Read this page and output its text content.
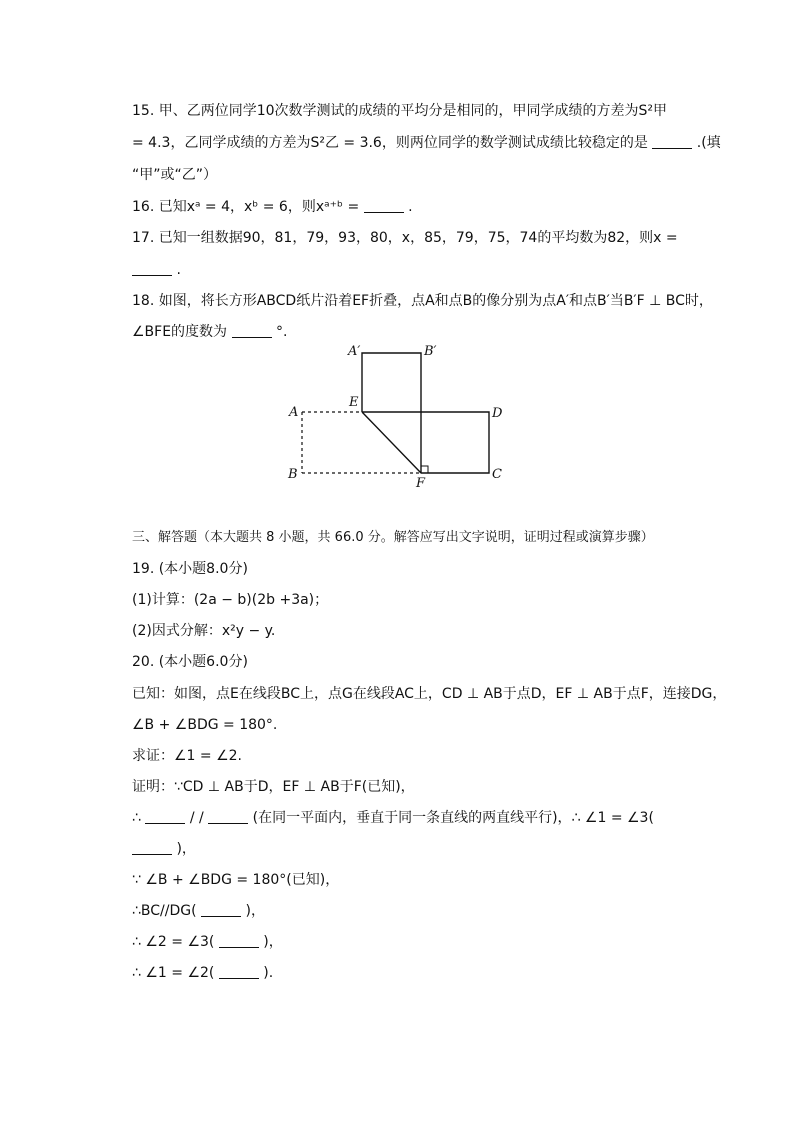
15. 甲、乙两位同学10次数学测试的成绩的平均分是相同的，甲同学成绩的方差为S²甲
= 4.3，乙同学成绩的方差为S²乙 = 3.6，则两位同学的数学测试成绩比较稳定的是	.(填
“甲”或“乙”）
16. 已知xᵃ = 4，xᵇ = 6，则xᵃ⁺ᵇ =	.
17. 已知一组数据90，81，79，93，80，x，85，79，75，74的平均数为82，则x =
.
18. 如图，将长方形ABCD纸片沿着EF折叠，点A和点B的像分别为点A′和点B′当B′F ⊥ BC时，
∠BFE的度数为	°.
A′	B′
A
E
D
B
F
C
三、解答题（本大题共 8 小题，共 66.0 分。解答应写出文字说明，证明过程或演算步骤）
19. (本小题8.0分)
(1)计算：(2a − b)(2b +3a)；
(2)因式分解：x²y − y.
20. (本小题6.0分)
已知：如图，点E在线段BC上，点G在线段AC上，CD ⊥ AB于点D，EF ⊥ AB于点F，连接DG，
∠B + ∠BDG = 180°.
求证：∠1 = ∠2.
证明：∵CD ⊥ AB于D，EF ⊥ AB于F(已知)，
∴	/ /	(在同一平面内，垂直于同一条直线的两直线平行)，∴ ∠1 = ∠3(
)，
∵ ∠B + ∠BDG = 180°(已知)，
∴BC//DG(	)，
∴ ∠2 = ∠3(	)，
∴ ∠1 = ∠2(	).
